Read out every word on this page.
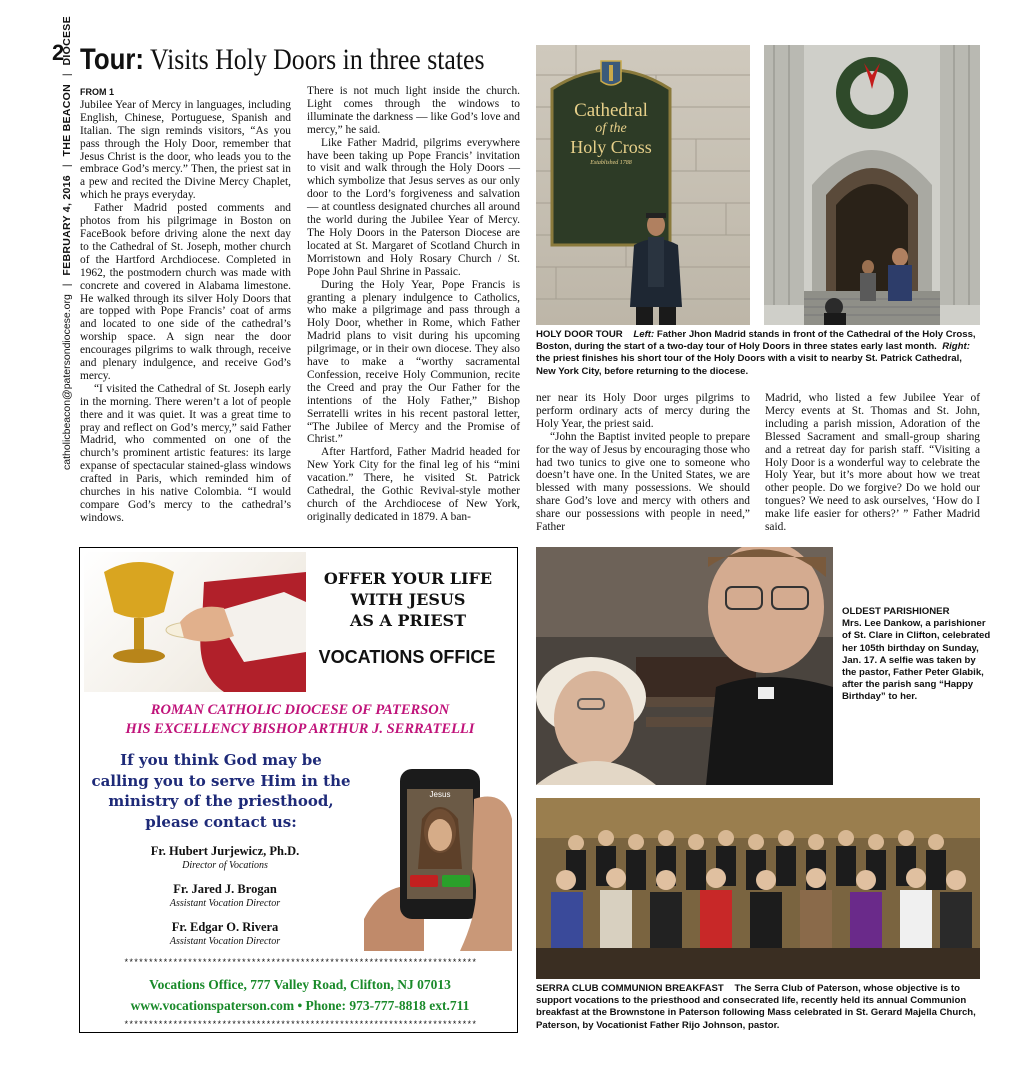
2
catholicbeacon@patersondiocese.org | FEBRUARY 4, 2016 | THE BEACON | DIOCESE Tour: Visits Holy Doors in three states
FROM 1

Jubilee Year of Mercy in languages, including English, Chinese, Portuguese, Spanish and Italian. The sign reminds visitors, “As you pass through the Holy Door, remember that Jesus Christ is the door, who leads you to the embrace God’s mercy.” Then, the priest sat in a pew and recited the Divine Mercy Chaplet, which he prays everyday.

Father Madrid posted comments and photos from his pilgrimage in Boston on FaceBook before driving alone the next day to the Cathedral of St. Joseph, mother church of the Hartford Archdiocese. Completed in 1962, the postmodern church was made with concrete and covered in Alabama limestone. He walked through its silver Holy Doors that are topped with Pope Francis’ coat of arms and located to one side of the cathedral’s worship space. A sign near the door encourages pilgrims to walk through, receive and plenary indulgence, and receive God’s mercy.

“I visited the Cathedral of St. Joseph early in the morning. There weren’t a lot of people there and it was quiet. It was a great time to pray and reflect on God’s mercy,” said Father Madrid, who commented on one of the church’s prominent artistic features: its large expanse of spectacular stained-glass windows crafted in Paris, which reminded him of churches in his native Colombia. “I would compare God’s mercy to the cathedral’s windows.

There is not much light inside the church. Light comes through the windows to illuminate the darkness — like God’s love and mercy,” he said.

Like Father Madrid, pilgrims everywhere have been taking up Pope Francis’ invitation to visit and walk through the Holy Doors — which symbolize that Jesus serves as our only door to the Lord’s forgiveness and salvation — at countless designated churches all around the world during the Jubilee Year of Mercy. The Holy Doors in the Paterson Diocese are located at St. Margaret of Scotland Church in Morristown and Holy Rosary Church / St. Pope John Paul Shrine in Passaic.

During the Holy Year, Pope Francis is granting a plenary indulgence to Catholics, who make a pilgrimage and pass through a Holy Door, whether in Rome, which Father Madrid plans to visit during his upcoming pilgrimage, or in their own diocese. They also have to make a “worthy sacramental Confession, receive Holy Communion, recite the Creed and pray the Our Father for the intentions of the Holy Father,” Bishop Serratelli writes in his recent pastoral letter, “The Jubilee of Mercy and the Promise of Christ.”

After Hartford, Father Madrid headed for New York City for the final leg of his “mini vacation.” There, he visited St. Patrick Cathedral, the Gothic Revival-style mother church of the Archdiocese of New York, originally dedicated in 1879. A ban-

Cathedral
of the
Holy Cross
Established 1788
HOLY DOOR TOUR Left: Father Jhon Madrid stands in front of the Cathedral of the Holy Cross, Boston, during the start of a two-day tour of Holy Doors in three states early last month. Right: the priest finishes his short tour of the Holy Doors with a visit to nearby St. Patrick Cathedral, New York City, before returning to the diocese.

ner near its Holy Door urges pilgrims to perform ordinary acts of mercy during the Holy Year, the priest said.

“John the Baptist invited people to prepare for the way of Jesus by encouraging those who had two tunics to give one to someone who doesn’t have one. In the United States, we are blessed with many possessions. We should share God’s love and mercy with others and share our possessions with people in need,” Father

Madrid, who listed a few Jubilee Year of Mercy events at St. Thomas and St. John, including a parish mission, Adoration of the Blessed Sacrament and small-group sharing and a retreat day for parish staff. “Visiting a Holy Door is a wonderful way to celebrate the Holy Year, but it’s more about how we treat other people. Do we forgive? Do we hold our tongues? We need to ask ourselves, ‘How do I make life easier for others?’ ” Father Madrid said.

OFFER YOUR LIFE
WITH JESUS
AS A PRIEST
VOCATIONS OFFICE
ROMAN CATHOLIC DIOCESE OF PATERSON
HIS EXCELLENCY BISHOP ARTHUR J. SERRATELLI
If you think God may be
calling you to serve Him in the
ministry of the priesthood,
please contact us:
Jesus
Fr. Hubert Jurjewicz, Ph.D.
Director of Vocations
Fr. Jared J. Brogan
Assistant Vocation Director
Fr. Edgar O. Rivera
Assistant Vocation Director
************************************************************************
Vocations Office, 777 Valley Road, Clifton, NJ 07013
www.vocationspaterson.com • Phone: 973-777-8818 ext.711
************************************************************************
OLDEST PARISHIONER
Mrs. Lee Dankow, a parishioner of St. Clare in Clifton, celebrated her 105th birthday on Sunday, Jan. 17. A selfie was taken by the pastor, Father Peter Glabik, after the parish sang “Happy Birthday” to her.
SERRA CLUB COMMUNION BREAKFAST The Serra Club of Paterson, whose objective is to support vocations to the priesthood and consecrated life, recently held its annual Communion breakfast at the Brownstone in Paterson following Mass celebrated in St. Gerard Majella Church, Paterson, by Vocationist Father Rijo Johnson, pastor.
